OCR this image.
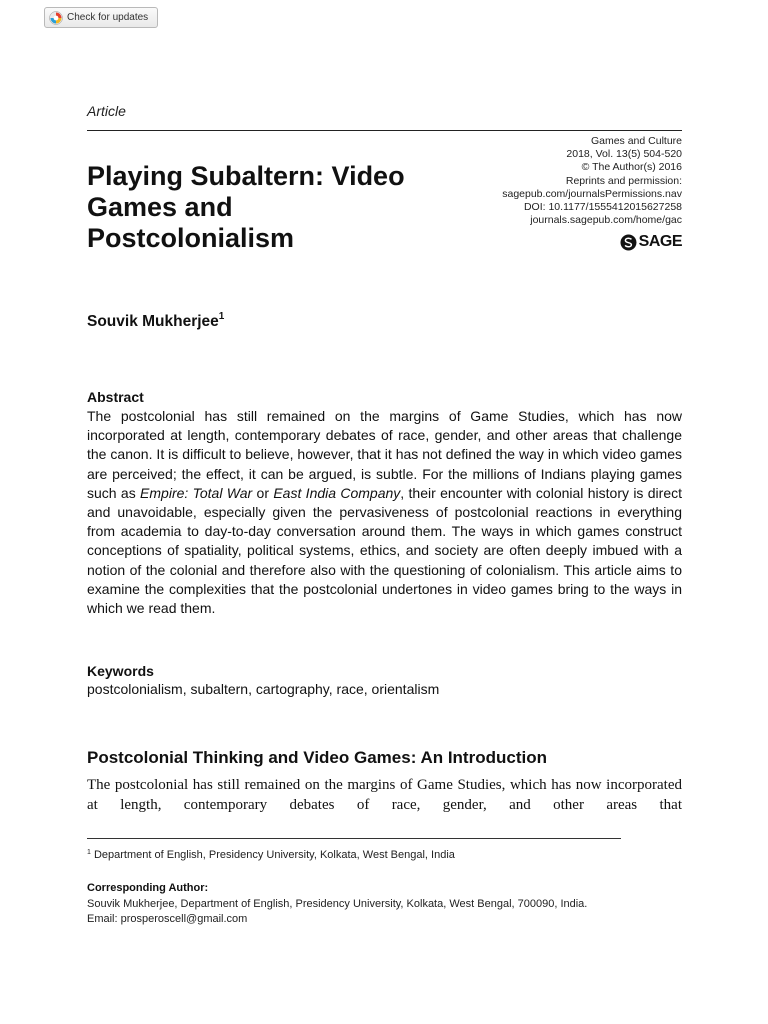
Check for updates
Article
Playing Subaltern: Video Games and Postcolonialism
Games and Culture
2018, Vol. 13(5) 504-520
© The Author(s) 2016
Reprints and permission:
sagepub.com/journalsPermissions.nav
DOI: 10.1177/1555412015627258
journals.sagepub.com/home/gac
SAGE
Souvik Mukherjee$^1$
Abstract
The postcolonial has still remained on the margins of Game Studies, which has now incorporated at length, contemporary debates of race, gender, and other areas that challenge the canon. It is difficult to believe, however, that it has not defined the way in which video games are perceived; the effect, it can be argued, is subtle. For the millions of Indians playing games such as Empire: Total War or East India Company, their encounter with colonial history is direct and unavoidable, especially given the pervasiveness of postcolonial reactions in everything from academia to day-to-day conversation around them. The ways in which games construct conceptions of spatiality, political systems, ethics, and society are often deeply imbued with a notion of the colonial and therefore also with the questioning of colonialism. This article aims to examine the complexities that the postcolonial undertones in video games bring to the ways in which we read them.
Keywords
postcolonialism, subaltern, cartography, race, orientalism
Postcolonial Thinking and Video Games: An Introduction
The postcolonial has still remained on the margins of Game Studies, which has now incorporated at length, contemporary debates of race, gender, and other areas that
$^1$ Department of English, Presidency University, Kolkata, West Bengal, India
Corresponding Author:
Souvik Mukherjee, Department of English, Presidency University, Kolkata, West Bengal, 700090, India.
Email: prosperoscell@gmail.com
